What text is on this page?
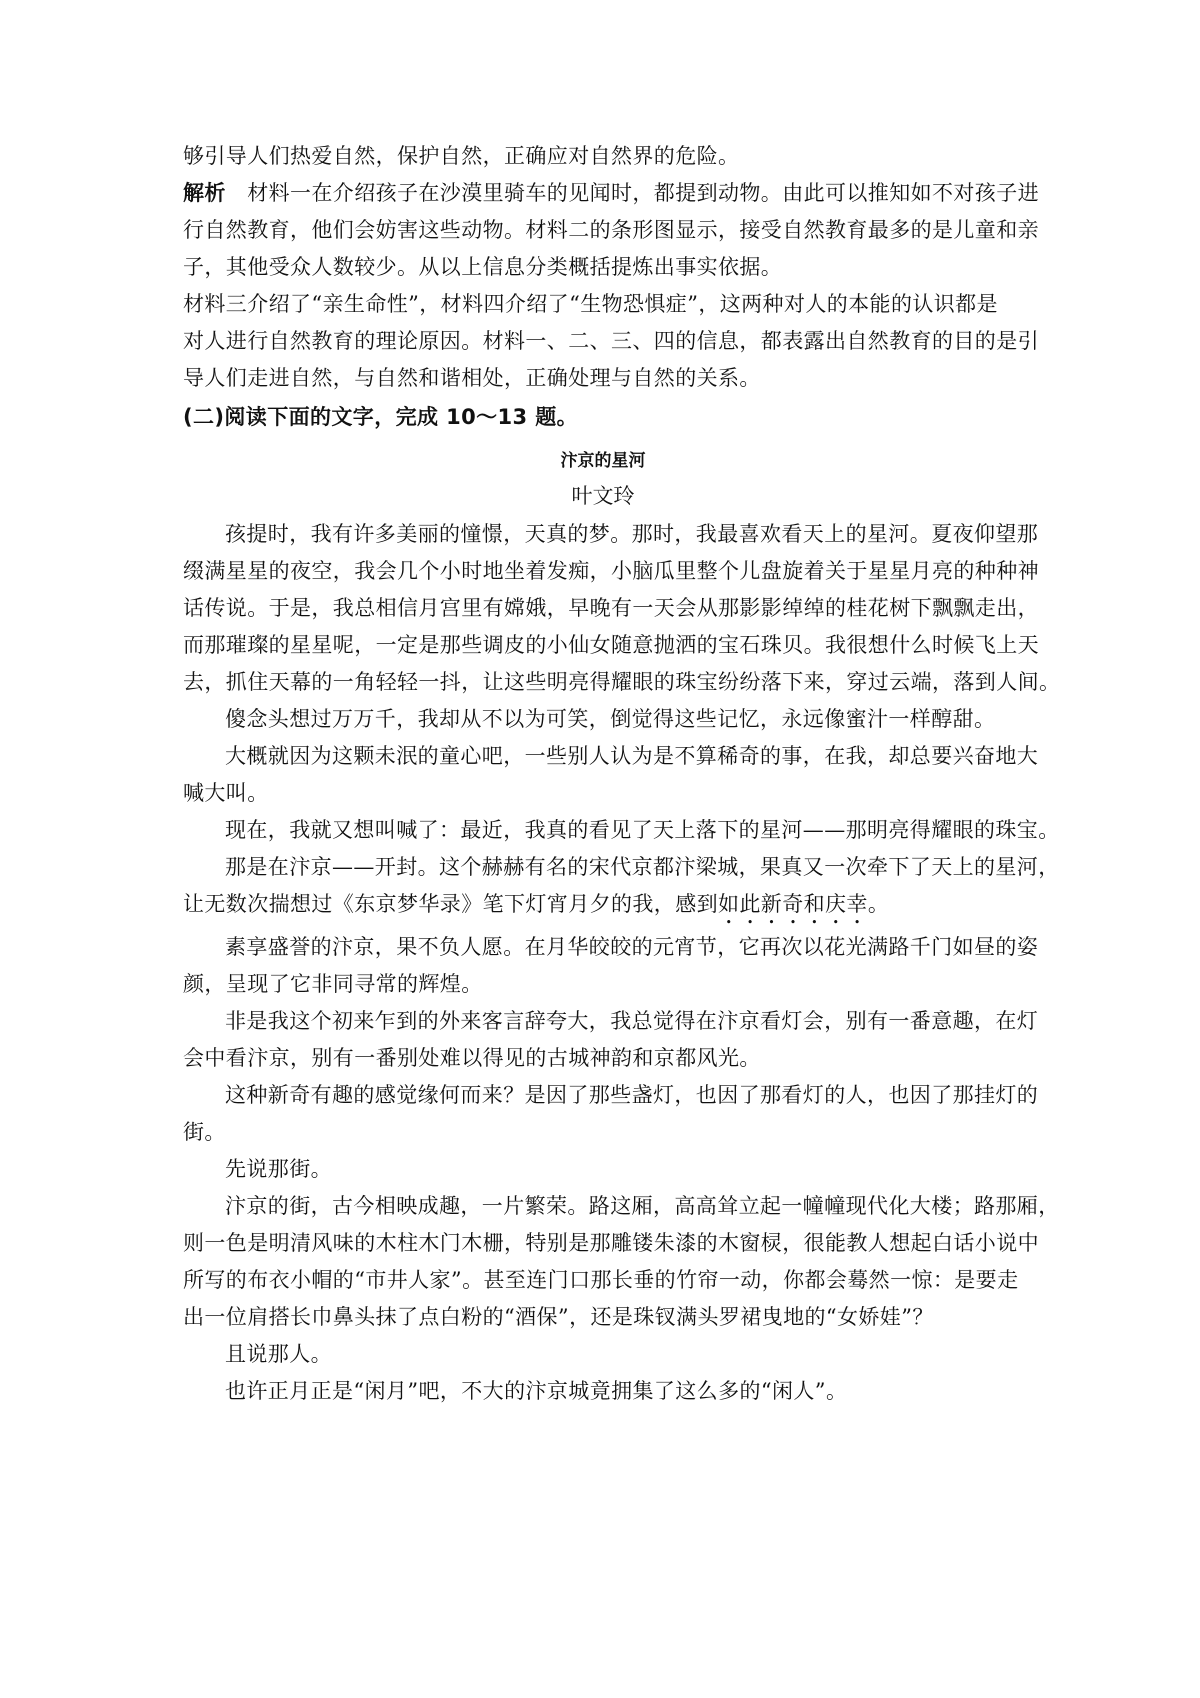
够引导人们热爱自然，保护自然，正确应对自然界的危险。
解析　材料一在介绍孩子在沙漠里骑车的见闻时，都提到动物。由此可以推知如不对孩子进
行自然教育，他们会妨害这些动物。材料二的条形图显示，接受自然教育最多的是儿童和亲
子，其他受众人数较少。从以上信息分类概括提炼出事实依据。
材料三介绍了“亲生命性”，材料四介绍了“生物恐惧症”，这两种对人的本能的认识都是
对人进行自然教育的理论原因。材料一、二、三、四的信息，都表露出自然教育的目的是引
导人们走进自然，与自然和谐相处，正确处理与自然的关系。
(二)阅读下面的文字，完成 10～13 题。
汴京的星河
叶文玲
孩提时，我有许多美丽的憧憬，天真的梦。那时，我最喜欢看天上的星河。夏夜仰望那
缀满星星的夜空，我会几个小时地坐着发痴，小脑瓜里整个儿盘旋着关于星星月亮的种种神
话传说。于是，我总相信月宫里有嫦娥，早晚有一天会从那影影绰绰的桂花树下飘飘走出，
而那璀璨的星星呢，一定是那些调皮的小仙女随意抛洒的宝石珠贝。我很想什么时候飞上天
去，抓住天幕的一角轻轻一抖，让这些明亮得耀眼的珠宝纷纷落下来，穿过云端，落到人间。
傻念头想过万万千，我却从不以为可笑，倒觉得这些记忆，永远像蜜汁一样醇甜。
大概就因为这颗未泯的童心吧，一些别人认为是不算稀奇的事，在我，却总要兴奋地大
喊大叫。
现在，我就又想叫喊了：最近，我真的看见了天上落下的星河——那明亮得耀眼的珠宝。
那是在汴京——开封。这个赫赫有名的宋代京都汴梁城，果真又一次牵下了天上的星河，
让无数次揣想过《东京梦华录》笔下灯宵月夕的我，感到如此新奇和庆幸。
素享盛誉的汴京，果不负人愿。在月华皎皎的元宵节，它再次以花光满路千门如昼的姿
颜，呈现了它非同寻常的辉煌。
非是我这个初来乍到的外来客言辞夸大，我总觉得在汴京看灯会，别有一番意趣，在灯
会中看汴京，别有一番别处难以得见的古城神韵和京都风光。
这种新奇有趣的感觉缘何而来？是因了那些盏灯，也因了那看灯的人，也因了那挂灯的
街。
先说那街。
汴京的街，古今相映成趣，一片繁荣。路这厢，高高耸立起一幢幢现代化大楼；路那厢，
则一色是明清风味的木柱木门木栅，特别是那雕镂朱漆的木窗棂，很能教人想起白话小说中
所写的布衣小帽的“市井人家”。甚至连门口那长垂的竹帘一动，你都会蓦然一惊：是要走
出一位肩搭长巾鼻头抹了点白粉的“酒保”，还是珠钗满头罗裙曳地的“女娇娃”？
且说那人。
也许正月正是“闲月”吧，不大的汴京城竟拥集了这么多的“闲人”。
